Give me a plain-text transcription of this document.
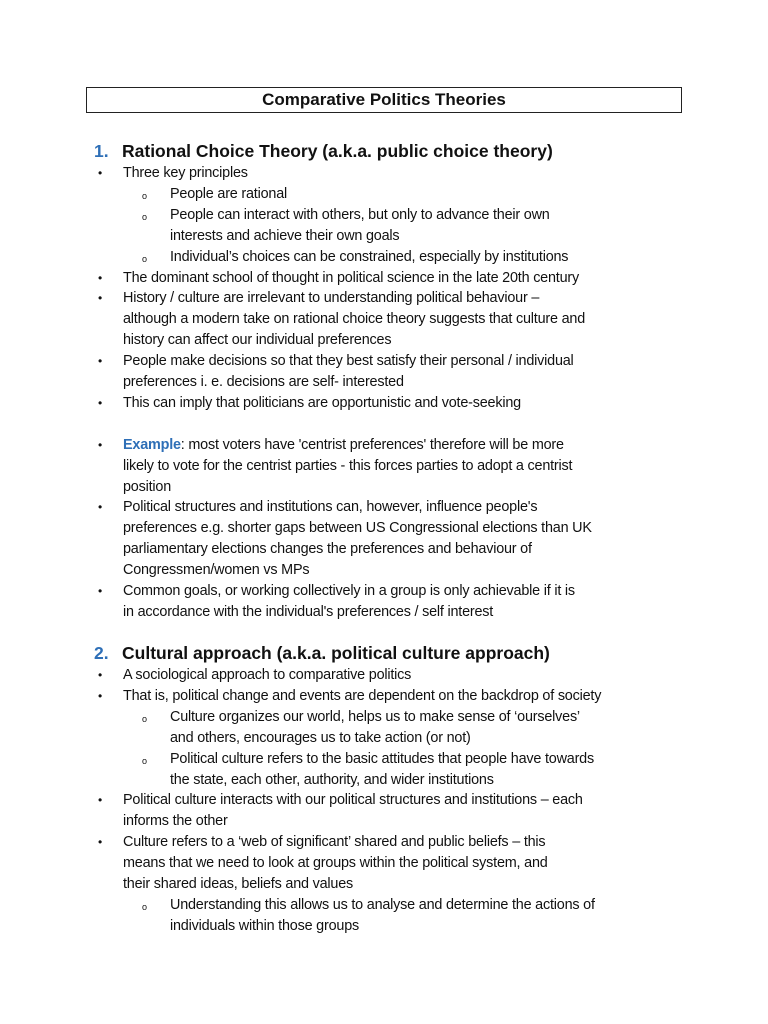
Comparative Politics Theories
1. Rational Choice Theory (a.k.a. public choice theory)
• Three key principles
o People are rational
o People can interact with others, but only to advance their own
interests and achieve their own goals
o Individual’s choices can be constrained, especially by institutions
• The dominant school of thought in political science in the late 20th century
• History / culture are irrelevant to understanding political behaviour –
although a modern take on rational choice theory suggests that culture and
history can affect our individual preferences
• People make decisions so that they best satisfy their personal / individual
preferences i. e. decisions are self- interested
• This can imply that politicians are opportunistic and vote-seeking
• Example: most voters have 'centrist preferences' therefore will be more
likely to vote for the centrist parties - this forces parties to adopt a centrist
position
• Political structures and institutions can, however, influence people's
preferences e.g. shorter gaps between US Congressional elections than UK
parliamentary elections changes the preferences and behaviour of
Congressmen/women vs MPs
• Common goals, or working collectively in a group is only achievable if it is
in accordance with the individual's preferences / self interest
2. Cultural approach (a.k.a. political culture approach)
• A sociological approach to comparative politics
• That is, political change and events are dependent on the backdrop of society
o Culture organizes our world, helps us to make sense of ‘ourselves’
and others, encourages us to take action (or not)
o Political culture refers to the basic attitudes that people have towards
the state, each other, authority, and wider institutions
• Political culture interacts with our political structures and institutions – each
informs the other
• Culture refers to a ‘web of significant’ shared and public beliefs – this
means that we need to look at groups within the political system, and
their shared ideas, beliefs and values
o Understanding this allows us to analyse and determine the actions of
individuals within those groups
